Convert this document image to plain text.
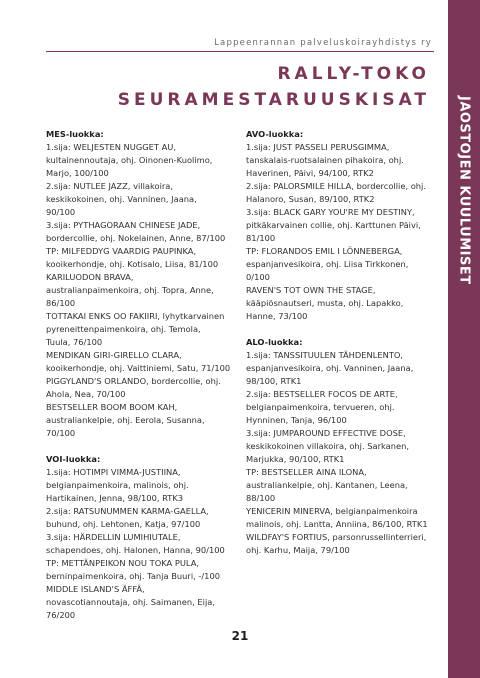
JAOSTOJEN KUULUMISET
Lappeenrannan palveluskoirayhdistys ry
RALLY-TOKO
SEURAMESTARUUSKISAT
MES-luokka:
1.sija: WELJESTEN NUGGET AU,
kultainennoutaja, ohj. Oinonen-Kuolimo,
Marjo, 100/100
2.sija: NUTLEE JAZZ, villakoira,
keskikokoinen, ohj. Vanninen, Jaana,
90/100
3.sija: PYTHAGORAAN CHINESE JADE,
bordercollie, ohj. Nokelainen, Anne, 87/100
TP: MILFEDDYG VAARDIG PAUPINKA,
kooikerhondje, ohj. Kotisalo, Liisa, 81/100
KARILUODON BRAVA,
australianpaimenkoira, ohj. Topra, Anne,
86/100
TOTTAKAI ENKS OO FAKIIRI, lyhytkarvainen
pyreneittenpaimenkoira, ohj. Temola,
Tuula, 76/100
MENDIKAN GIRI-GIRELLO CLARA,
kooikerhondje, ohj. Vaittiniemi, Satu, 71/100
PIGGYLAND'S ORLANDO, bordercollie, ohj.
Ahola, Nea, 70/100
BESTSELLER BOOM BOOM KAH,
australiankelpie, ohj. Eerola, Susanna,
70/100
VOI-luokka:
1.sija: HOTIMPI VIMMA-JUSTIINA,
belgianpaimenkoira, malinois, ohj.
Hartikainen, Jenna, 98/100, RTK3
2.sija: RATSUNUMMEN KARMA-GAELLA,
buhund, ohj. Lehtonen, Katja, 97/100
3.sija: HÄRDELLIN LUMIHIUTALE,
schapendoes, ohj. Halonen, Hanna, 90/100
TP: METTÄNPEIKON NOU TOKA PULA,
berninpaimenkoira, ohj. Tanja Buuri, -/100
MIDDLE ISLAND'S ÄFFÄ,
novascotiannoutaja, ohj. Saimanen, Eija,
76/200
AVO-luokka:
1.sija: JUST PASSELI PERUSGIMMA,
tanskalais-ruotsalainen pihakoira, ohj.
Haverinen, Päivi, 94/100, RTK2
2.sija: PALORSMILE HILLA, bordercollie, ohj.
Halanoro, Susan, 89/100, RTK2
3.sija: BLACK GARY YOU'RE MY DESTINY,
pitkäkarvainen collie, ohj. Karttunen Päivi,
81/100
TP: FLORANDOS EMIL I LÖNNEBERGA,
espanjanvesikoira, ohj. Liisa Tirkkonen,
0/100
RAVEN'S TOT OWN THE STAGE,
kääpiösnautseri, musta, ohj. Lapakko,
Hanne, 73/100
ALO-luokka:
1.sija: TANSSITUULEN TÄHDENLENTO,
espanjanvesikoira, ohj. Vanninen, Jaana,
98/100, RTK1
2.sija: BESTSELLER FOCOS DE ARTE,
belgianpaimenkoira, tervueren, ohj.
Hynninen, Tanja, 96/100
3.sija: JUMPAROUND EFFECTIVE DOSE,
keskikokoinen villakoira, ohj. Sarkanen,
Marjukka, 90/100, RTK1
TP: BESTSELLER AINA ILONA,
australiankelpie, ohj. Kantanen, Leena,
88/100
YENICERIN MINERVA, belgianpaimenkoira
malinois, ohj. Lantta, Anniina, 86/100, RTK1
WILDFAY'S FORTIUS, parsonrussellinterrieri,
ohj. Karhu, Maija, 79/100
21
